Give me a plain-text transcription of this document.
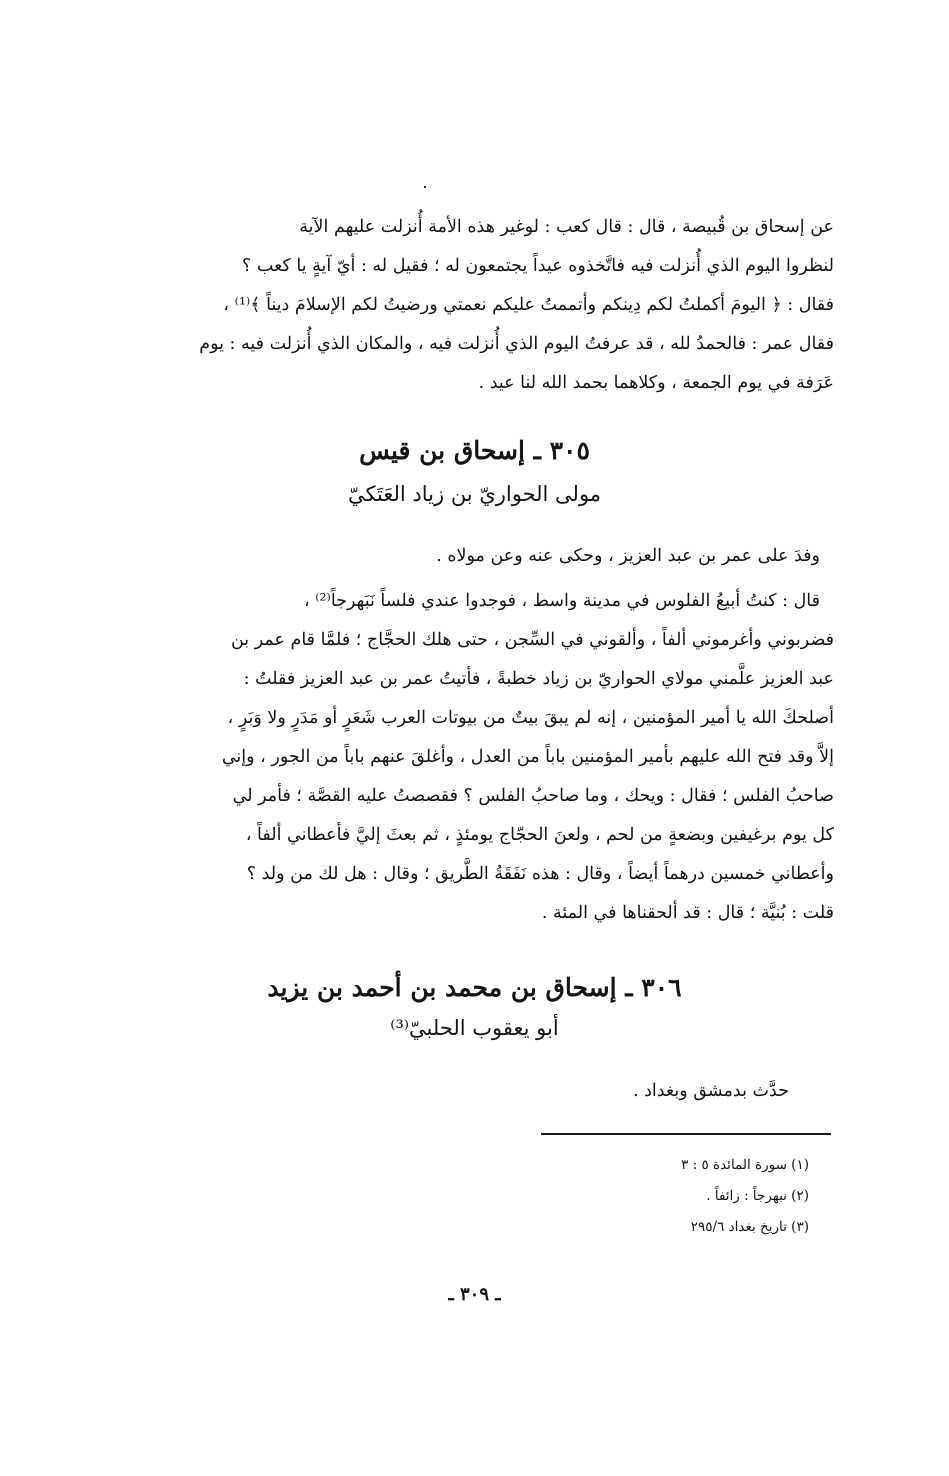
عن إسحاق بن قُبيصة ، قال : قال كعب : لوغير هذه الأمة أُنزلت عليهم الآية
لنظروا اليوم الذي أُنزلت فيه فاتَّخذوه عيداً يجتمعون له ؛ فقيل له : أيّ آيةٍ يا كعب ؟
فقال : ﴿ اليومَ أكملتُ لكم دِينكم وأتممتُ عليكم نعمتي ورضيتُ لكم الإسلامَ ديناً ﴾⁽¹⁾ ،
فقال عمر : فالحمدُ لله ، قد عرفتُ اليوم الذي أُنزلت فيه ، والمكان الذي أُنزلت فيه : يوم
عَرَفة في يوم الجمعة ، وكلاهما بحمد الله لنا عيد .
٣٠٥ ـ إسحاق بن قيس
مولى الحواريّ بن زياد العَتَكيّ
وفدَ على عمر بن عبد العزيز ، وحكى عنه وعن مولاه .
قال : كنتُ أبيعُ الفلوس في مدينة واسط ، فوجدوا عندي فلساً نَبَهرجاً⁽²⁾ ،
فضربوني وأغرموني ألفاً ، وألقوني في السِّجن ، حتى هلك الحجَّاج ؛ فلمَّا قام عمر بن
عبد العزيز علَّمني مولاي الحواريّ بن زياد خطبةً ، فأتيتُ عمر بن عبد العزيز فقلتُ :
أصلحكَ الله يا أمير المؤمنين ، إنه لم يبقَ بيتٌ من بيوتات العرب شَعَرٍ أو مَدَرٍ ولا وَبَرٍ ،
إلاَّ وقد فتح الله عليهم بأمير المؤمنين باباً من العدل ، وأغلقَ عنهم باباً من الجور ، وإني
صاحبُ الفلس ؛ فقال : ويحك ، وما صاحبُ الفلس ؟ فقصصتُ عليه القصَّة ؛ فأمر لي
كل يوم برغيفين وبضعةٍ من لحم ، ولعنَ الحجّاج يومئذٍ ، ثم بعثَ إليَّ فأعطاني ألفاً ،
وأعطاني خمسين درهماً أيضاً ، وقال : هذه نَفَقَةُ الطَّريق ؛ وقال : هل لك من ولد ؟
قلت : بُنيَّة ؛ قال : قد ألحقناها في المئة .
٣٠٦ ـ إسحاق بن محمد بن أحمد بن يزيد
أبو يعقوب الحلبيّ⁽³⁾
حدَّث بدمشق وبغداد .
(١) سورة المائدة ٥ : ٣
(٢) نبهرجاً : زائفاً .
(٣) تاريخ بغداد ٢٩٥/٦
ـ ٣٠٩ ـ
